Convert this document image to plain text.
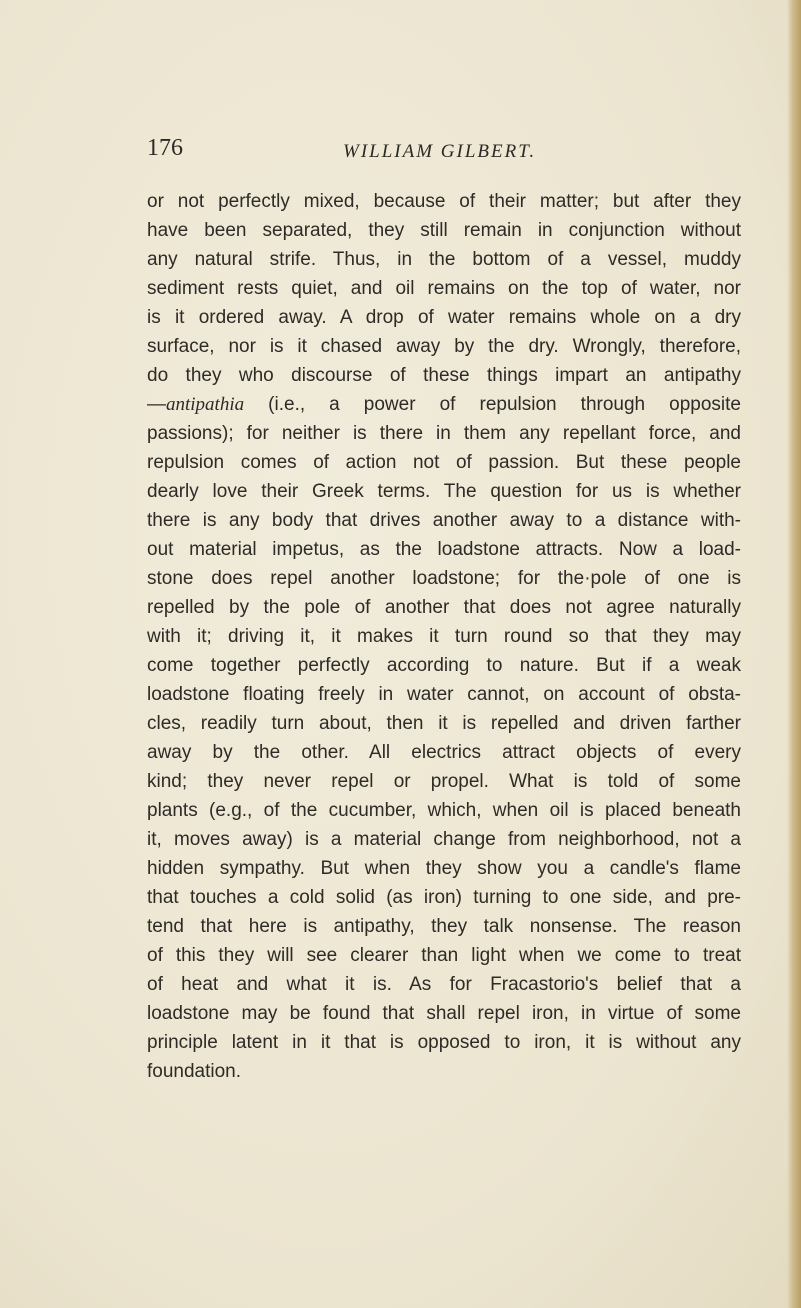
176	WILLIAM GILBERT.

or not perfectly mixed, because of their matter; but after they
have been separated, they still remain in conjunction without
any natural strife. Thus, in the bottom of a vessel, muddy
sediment rests quiet, and oil remains on the top of water, nor
is it ordered away. A drop of water remains whole on a dry
surface, nor is it chased away by the dry. Wrongly, therefore,
do they who discourse of these things impart an antipathy
—antipathia (i.e., a power of repulsion through opposite
passions); for neither is there in them any repellant force, and
repulsion comes of action not of passion. But these people
dearly love their Greek terms. The question for us is whether
there is any body that drives another away to a distance with-
out material impetus, as the loadstone attracts. Now a load-
stone does repel another loadstone; for the·pole of one is
repelled by the pole of another that does not agree naturally
with it; driving it, it makes it turn round so that they may
come together perfectly according to nature. But if a weak
loadstone floating freely in water cannot, on account of obsta-
cles, readily turn about, then it is repelled and driven farther
away by the other. All electrics attract objects of every
kind; they never repel or propel. What is told of some
plants (e.g., of the cucumber, which, when oil is placed beneath
it, moves away) is a material change from neighborhood, not a
hidden sympathy. But when they show you a candle's flame
that touches a cold solid (as iron) turning to one side, and pre-
tend that here is antipathy, they talk nonsense. The reason
of this they will see clearer than light when we come to treat
of heat and what it is. As for Fracastorio's belief that a
loadstone may be found that shall repel iron, in virtue of some
principle latent in it that is opposed to iron, it is without any
foundation.
